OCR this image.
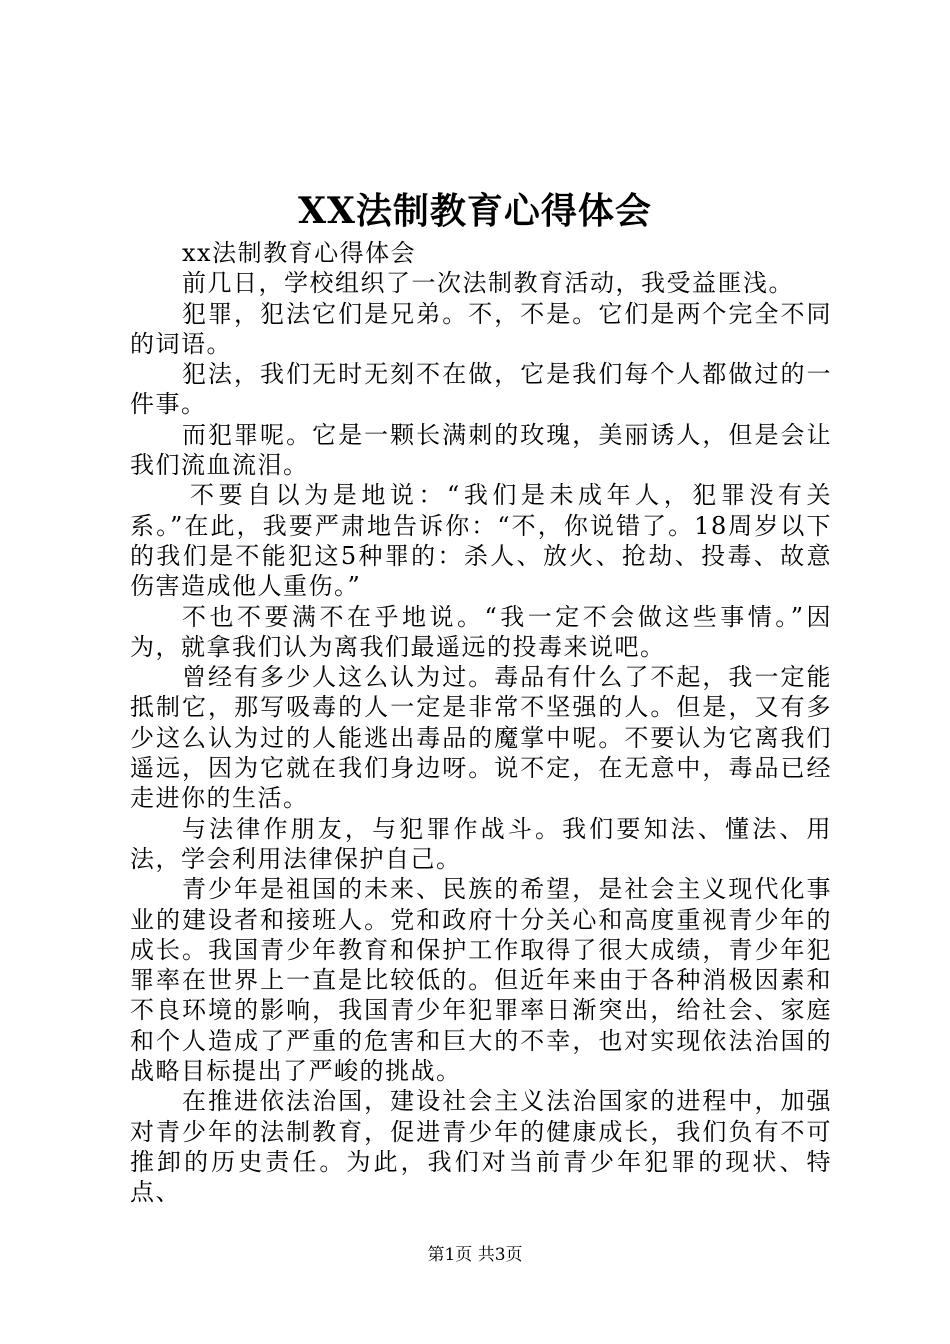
XX法制教育心得体会

xx法制教育心得体会

前几日，学校组织了一次法制教育活动，我受益匪浅。

犯罪，犯法它们是兄弟。不，不是。它们是两个完全不同的词语。

犯法，我们无时无刻不在做，它是我们每个人都做过的一件事。

而犯罪呢。它是一颗长满刺的玫瑰，美丽诱人，但是会让我们流血流泪。

不要自以为是地说：“我们是未成年人，犯罪没有关系。”在此，我要严肃地告诉你：“不，你说错了。18周岁以下的我们是不能犯这5种罪的：杀人、放火、抢劫、投毒、故意伤害造成他人重伤。”

不也不要满不在乎地说。“我一定不会做这些事情。”因为，就拿我们认为离我们最遥远的投毒来说吧。

曾经有多少人这么认为过。毒品有什么了不起，我一定能抵制它，那写吸毒的人一定是非常不坚强的人。但是，又有多少这么认为过的人能逃出毒品的魔掌中呢。不要认为它离我们遥远，因为它就在我们身边呀。说不定，在无意中，毒品已经走进你的生活。

与法律作朋友，与犯罪作战斗。我们要知法、懂法、用法，学会利用法律保护自己。

青少年是祖国的未来、民族的希望，是社会主义现代化事业的建设者和接班人。党和政府十分关心和高度重视青少年的成长。我国青少年教育和保护工作取得了很大成绩，青少年犯罪率在世界上一直是比较低的。但近年来由于各种消极因素和不良环境的影响，我国青少年犯罪率日渐突出，给社会、家庭和个人造成了严重的危害和巨大的不幸，也对实现依法治国的战略目标提出了严峻的挑战。

在推进依法治国，建设社会主义法治国家的进程中，加强对青少年的法制教育，促进青少年的健康成长，我们负有不可推卸的历史责任。为此，我们对当前青少年犯罪的现状、特点、

第1页 共3页
